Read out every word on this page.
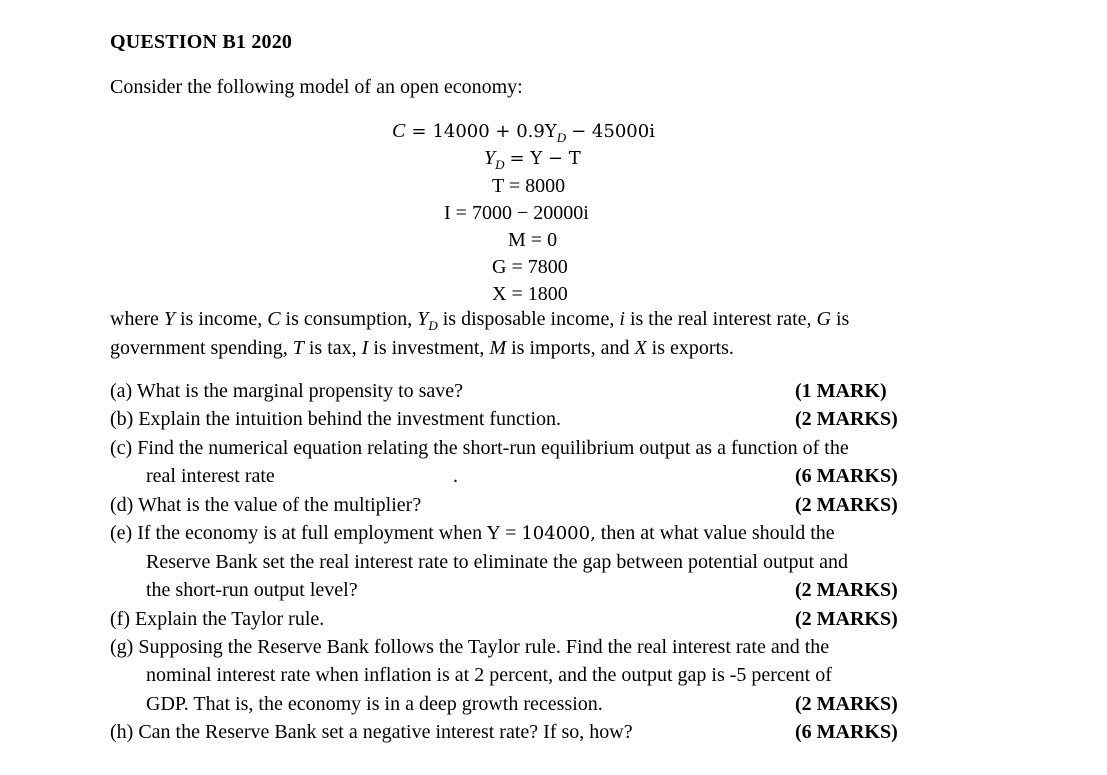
QUESTION B1 2020
Consider the following model of an open economy:
$C = 14000 + 0.9Y_D - 45000i$
$Y_D = Y - T$
T = 8000
I = 7000 − 20000i
M = 0
G = 7800
X = 1800
where Y is income, C is consumption, $Y_D$ is disposable income, i is the real interest rate, G is
government spending, T is tax, I is investment, M is imports, and X is exports.
(a) What is the marginal propensity to save?	(1 MARK)
(b) Explain the intuition behind the investment function.	(2 MARKS)
(c) Find the numerical equation relating the short-run equilibrium output as a function of the
real interest rate	.	(6 MARKS)
(d) What is the value of the multiplier?	(2 MARKS)
(e) If the economy is at full employment when Y = 104000, then at what value should the
Reserve Bank set the real interest rate to eliminate the gap between potential output and
the short-run output level?	(2 MARKS)
(f) Explain the Taylor rule.	(2 MARKS)
(g) Supposing the Reserve Bank follows the Taylor rule. Find the real interest rate and the
nominal interest rate when inflation is at 2 percent, and the output gap is -5 percent of
GDP. That is, the economy is in a deep growth recession.	(2 MARKS)
(h) Can the Reserve Bank set a negative interest rate? If so, how?	(6 MARKS)
